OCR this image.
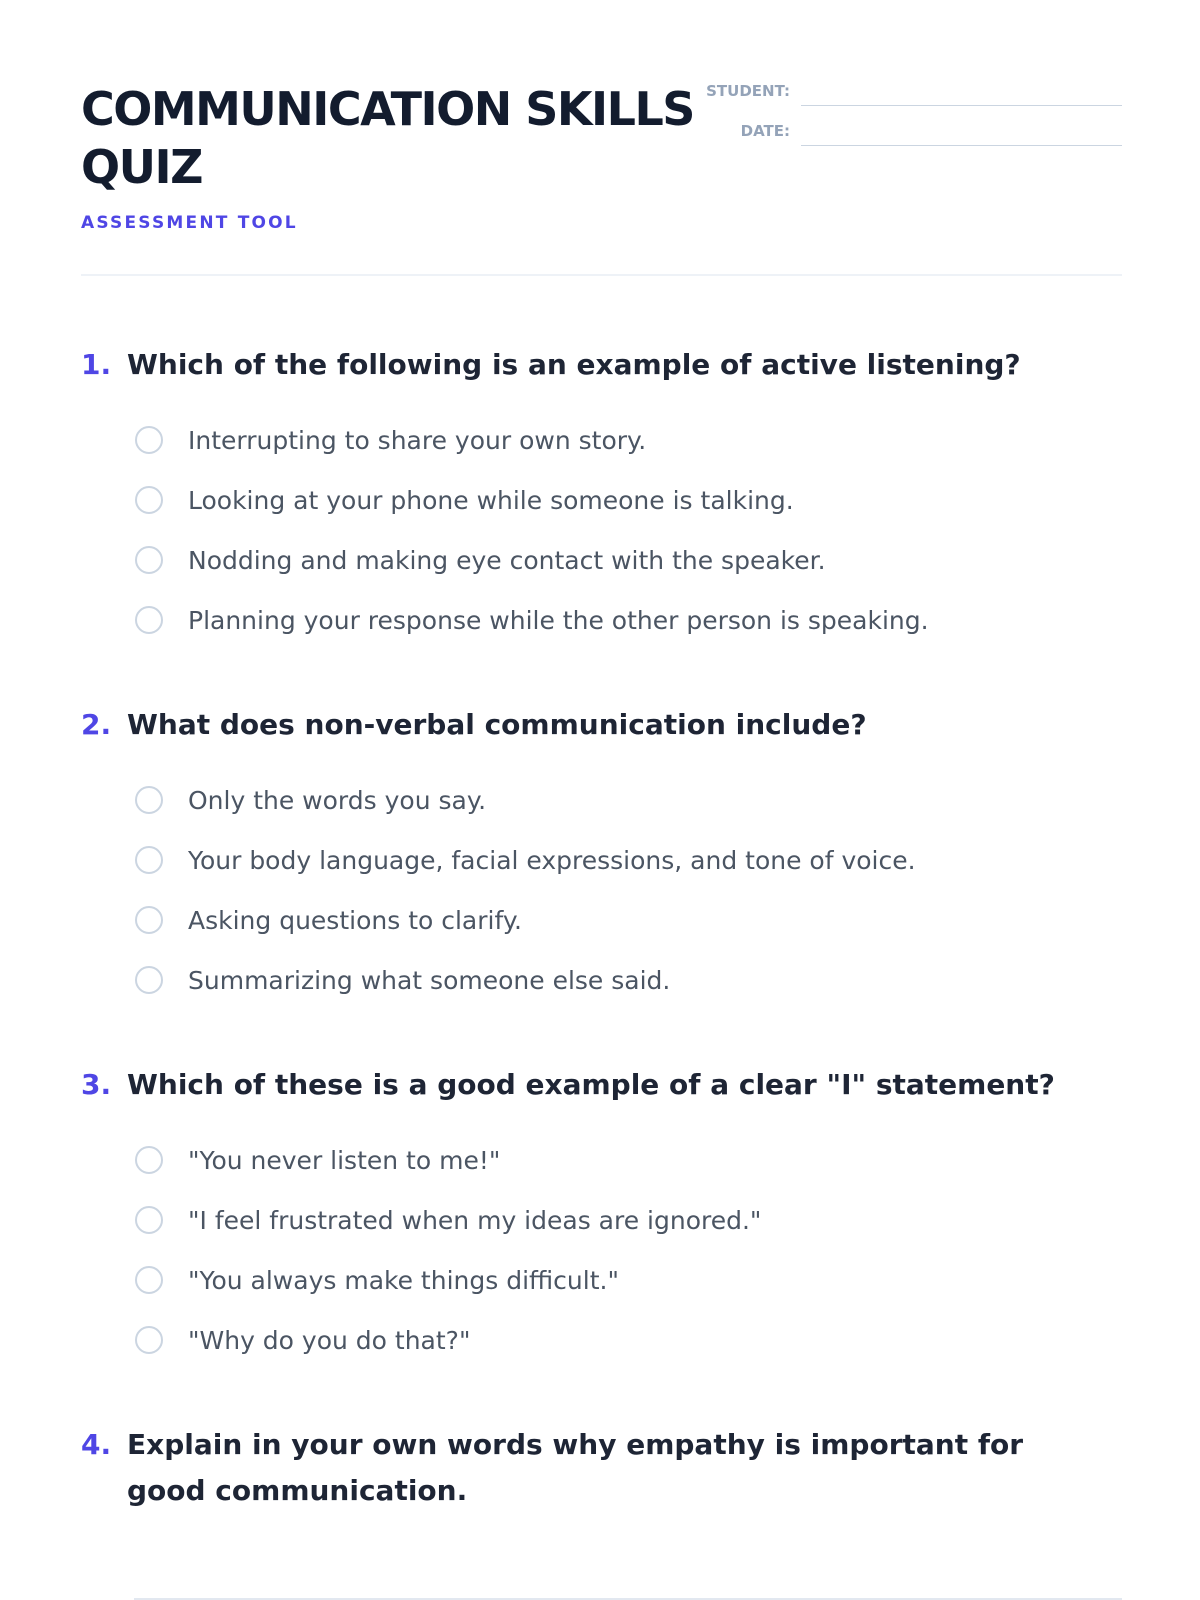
COMMUNICATION SKILLS QUIZ
ASSESSMENT TOOL
STUDENT:
DATE:
1. Which of the following is an example of active listening?
Interrupting to share your own story.
Looking at your phone while someone is talking.
Nodding and making eye contact with the speaker.
Planning your response while the other person is speaking.
2. What does non-verbal communication include?
Only the words you say.
Your body language, facial expressions, and tone of voice.
Asking questions to clarify.
Summarizing what someone else said.
3. Which of these is a good example of a clear "I" statement?
"You never listen to me!"
"I feel frustrated when my ideas are ignored."
"You always make things difficult."
"Why do you do that?"
4. Explain in your own words why empathy is important for good communication.
